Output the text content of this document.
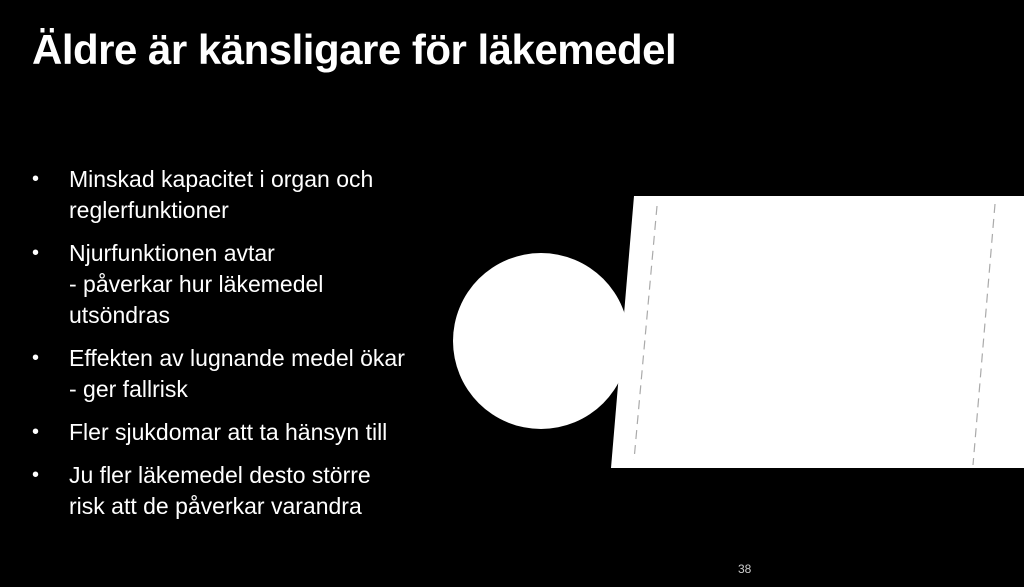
Äldre är känsligare för läkemedel
• Minskad kapacitet i organ och
reglerfunktioner
• Njurfunktionen avtar
- påverkar hur läkemedel
utsöndras
• Effekten av lugnande medel ökar
- ger fallrisk
• Fler sjukdomar att ta hänsyn till
• Ju fler läkemedel desto större
risk att de påverkar varandra
38
